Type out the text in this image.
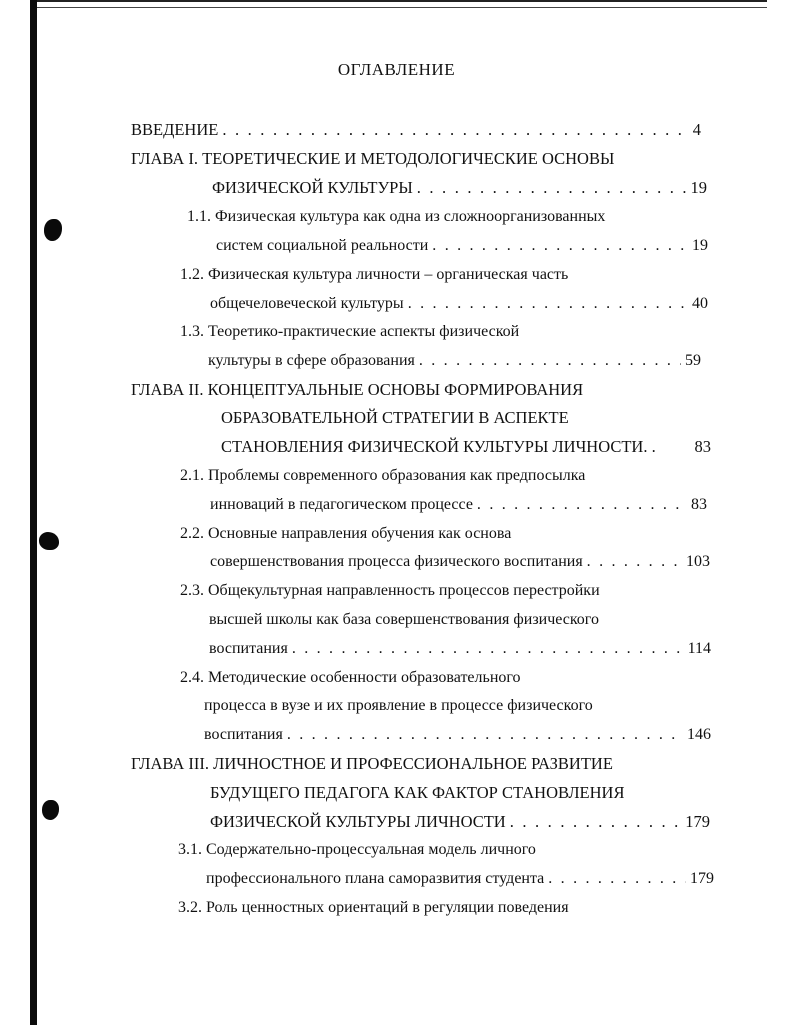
ОГЛАВЛЕНИЕ
ВВЕДЕНИЕ . . .	4
ГЛАВА I. ТЕОРЕТИЧЕСКИЕ И МЕТОДОЛОГИЧЕСКИЕ ОСНОВЫ
ФИЗИЧЕСКОЙ КУЛЬТУРЫ . . .	19
1.1. Физическая культура как одна из сложноорганизованных
систем социальной реальности . . .	19
1.2. Физическая культура личности – органическая часть
общечеловеческой культуры . . .	40
1.3. Теоретико-практические аспекты физической
культуры в сфере образования . . .	59
ГЛАВА II. КОНЦЕПТУАЛЬНЫЕ ОСНОВЫ ФОРМИРОВАНИЯ
ОБРАЗОВАТЕЛЬНОЙ СТРАТЕГИИ В АСПЕКТЕ
СТАНОВЛЕНИЯ ФИЗИЧЕСКОЙ КУЛЬТУРЫ ЛИЧНОСТИ. . 83
2.1. Проблемы современного образования как предпосылка
инноваций в педагогическом процессе . . .	83
2.2. Основные направления обучения как основа
совершенствования процесса физического воспитания . . .	103
2.3. Общекультурная направленность процессов перестройки
высшей школы как база совершенствования физического
воспитания . . .	114
2.4. Методические особенности образовательного
процесса в вузе и их проявление в процессе физического
воспитания . . .	146
ГЛАВА III. ЛИЧНОСТНОЕ И ПРОФЕССИОНАЛЬНОЕ РАЗВИТИЕ
БУДУЩЕГО ПЕДАГОГА КАК ФАКТОР СТАНОВЛЕНИЯ
ФИЗИЧЕСКОЙ КУЛЬТУРЫ ЛИЧНОСТИ . . .	179
3.1. Содержательно-процессуальная модель личного
профессионального плана саморазвития студента . . .	179
3.2. Роль ценностных ориентаций в регуляции поведения
